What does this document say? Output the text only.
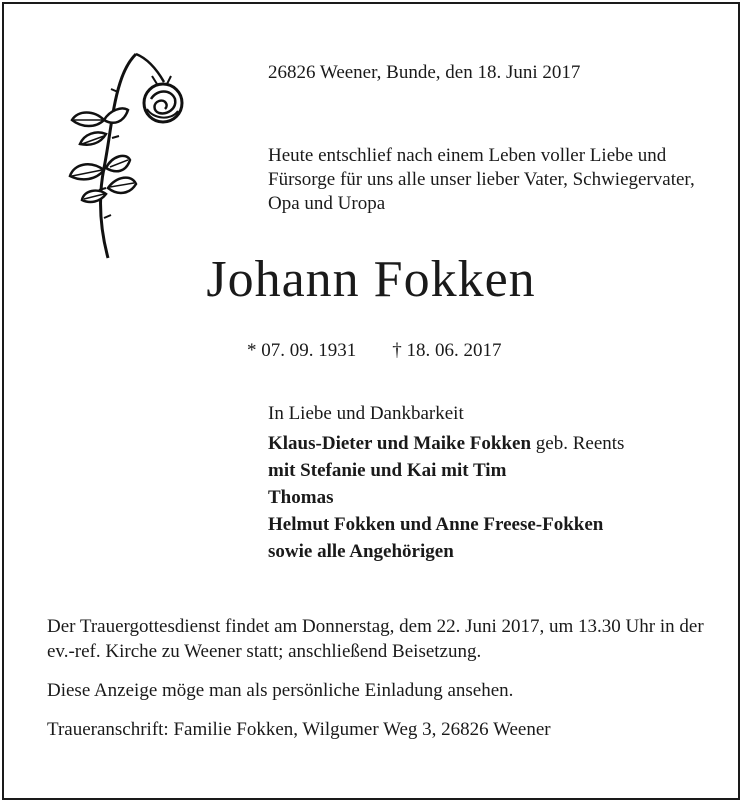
26826 Weener, Bunde, den 18. Juni 2017
Heute entschlief nach einem Leben voller Liebe und Fürsorge für uns alle unser lieber Vater, Schwiegervater, Opa und Uropa
Johann Fokken
* 07. 09. 1931 † 18. 06. 2017
In Liebe und Dankbarkeit
Klaus-Dieter und Maike Fokken geb. Reents
mit Stefanie und Kai mit Tim
Thomas
Helmut Fokken und Anne Freese-Fokken
sowie alle Angehörigen

Der Trauergottesdienst findet am Donnerstag, dem 22. Juni 2017, um 13.30 Uhr in der ev.-ref. Kirche zu Weener statt; anschließend Beisetzung.

Diese Anzeige möge man als persönliche Einladung ansehen.

Traueranschrift: Familie Fokken, Wilgumer Weg 3, 26826 Weener
